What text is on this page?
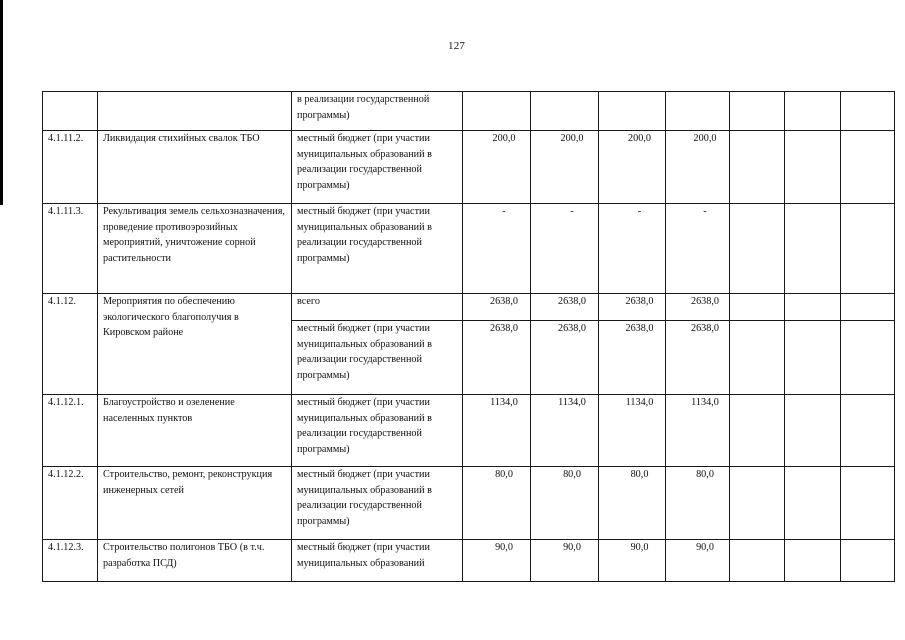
127
		в реализации государственной программы)							
4.1.11.2.	Ликвидация стихийных свалок ТБО	местный бюджет (при участии муниципальных образований в реализации государственной программы)	200,0	200,0	200,0	200,0			
4.1.11.3.	Рекультивация земель сельхозназначения, проведение противоэрозийных мероприятий, уничтожение сорной растительности	местный бюджет (при участии муниципальных образований в реализации государственной программы)	-	-	-	-			
4.1.12.	Мероприятия по обеспечению экологического благополучия в Кировском районе	всего	2638,0	2638,0	2638,0	2638,0			
		местный бюджет (при участии муниципальных образований в реализации государственной программы)	2638,0	2638,0	2638,0	2638,0			
4.1.12.1.	Благоустройство и озеленение населенных пунктов	местный бюджет (при участии муниципальных образований в реализации государственной программы)	1134,0	1134,0	1134,0	1134,0			
4.1.12.2.	Строительство, ремонт, реконструкция инженерных сетей	местный бюджет (при участии муниципальных образований в реализации государственной программы)	80,0	80,0	80,0	80,0			
4.1.12.3.	Строительство полигонов ТБО (в т.ч. разработка ПСД)	местный бюджет (при участии муниципальных образований	90,0	90,0	90,0	90,0			
